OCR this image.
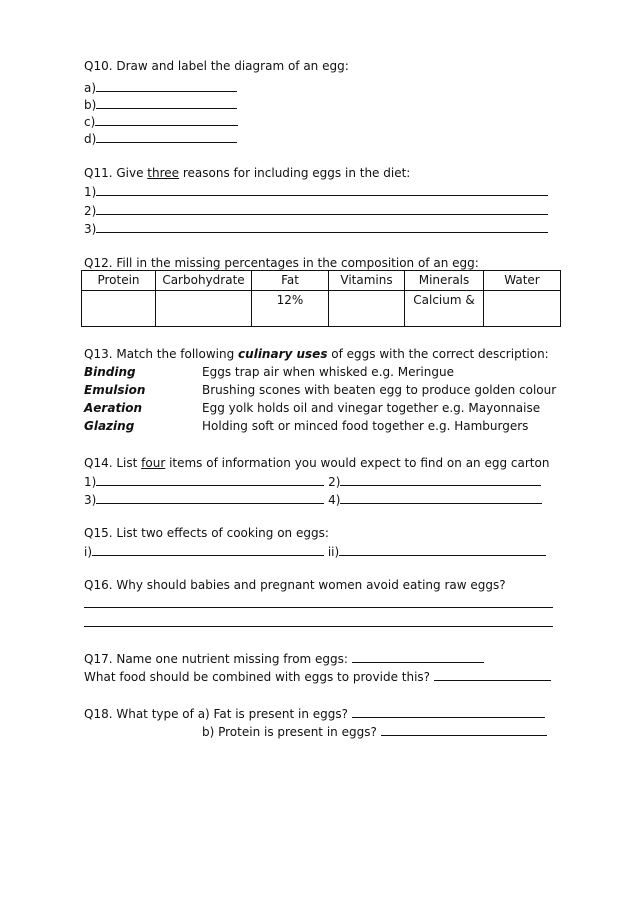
Q10. Draw and label the diagram of an egg:
a)
b)
c)
d)
Q11. Give three reasons for including eggs in the diet:
1)
2)
3)
Q12. Fill in the missing percentages in the composition of an egg:
Protein	Carbohydrate	Fat	Vitamins	Minerals	Water
		12%		Calcium &	
Q13. Match the following culinary uses of eggs with the correct description:
Binding	Eggs trap air when whisked e.g. Meringue
Emulsion	Brushing scones with beaten egg to produce golden colour
Aeration	Egg yolk holds oil and vinegar together e.g. Mayonnaise
Glazing	Holding soft or minced food together e.g. Hamburgers
Q14. List four items of information you would expect to find on an egg carton
1)	2)
3)	4)
Q15. List two effects of cooking on eggs:
i)	ii)
Q16. Why should babies and pregnant women avoid eating raw eggs?
Q17. Name one nutrient missing from eggs:
What food should be combined with eggs to provide this?
Q18. What type of a) Fat is present in eggs?
b) Protein is present in eggs?
